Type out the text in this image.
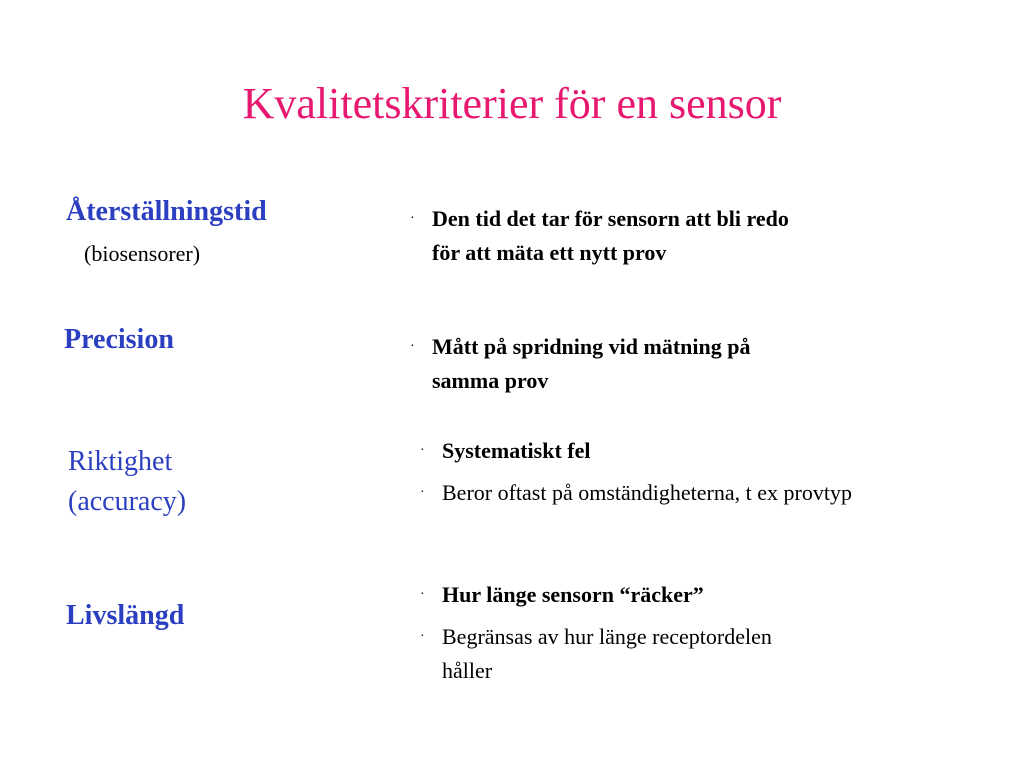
Kvalitetskriterier för en sensor
Återställningstid
(biosensorer)
· Den tid det tar för sensorn att bli redo
för att mäta ett nytt prov
Precision	· Mått på spridning vid mätning på
samma prov
Riktighet
(accuracy)
· Systematiskt fel
· Beror oftast på omständigheterna, t ex provtyp
Livslängd
· Hur länge sensorn “räcker”
· Begränsas av hur länge receptordelen
håller
